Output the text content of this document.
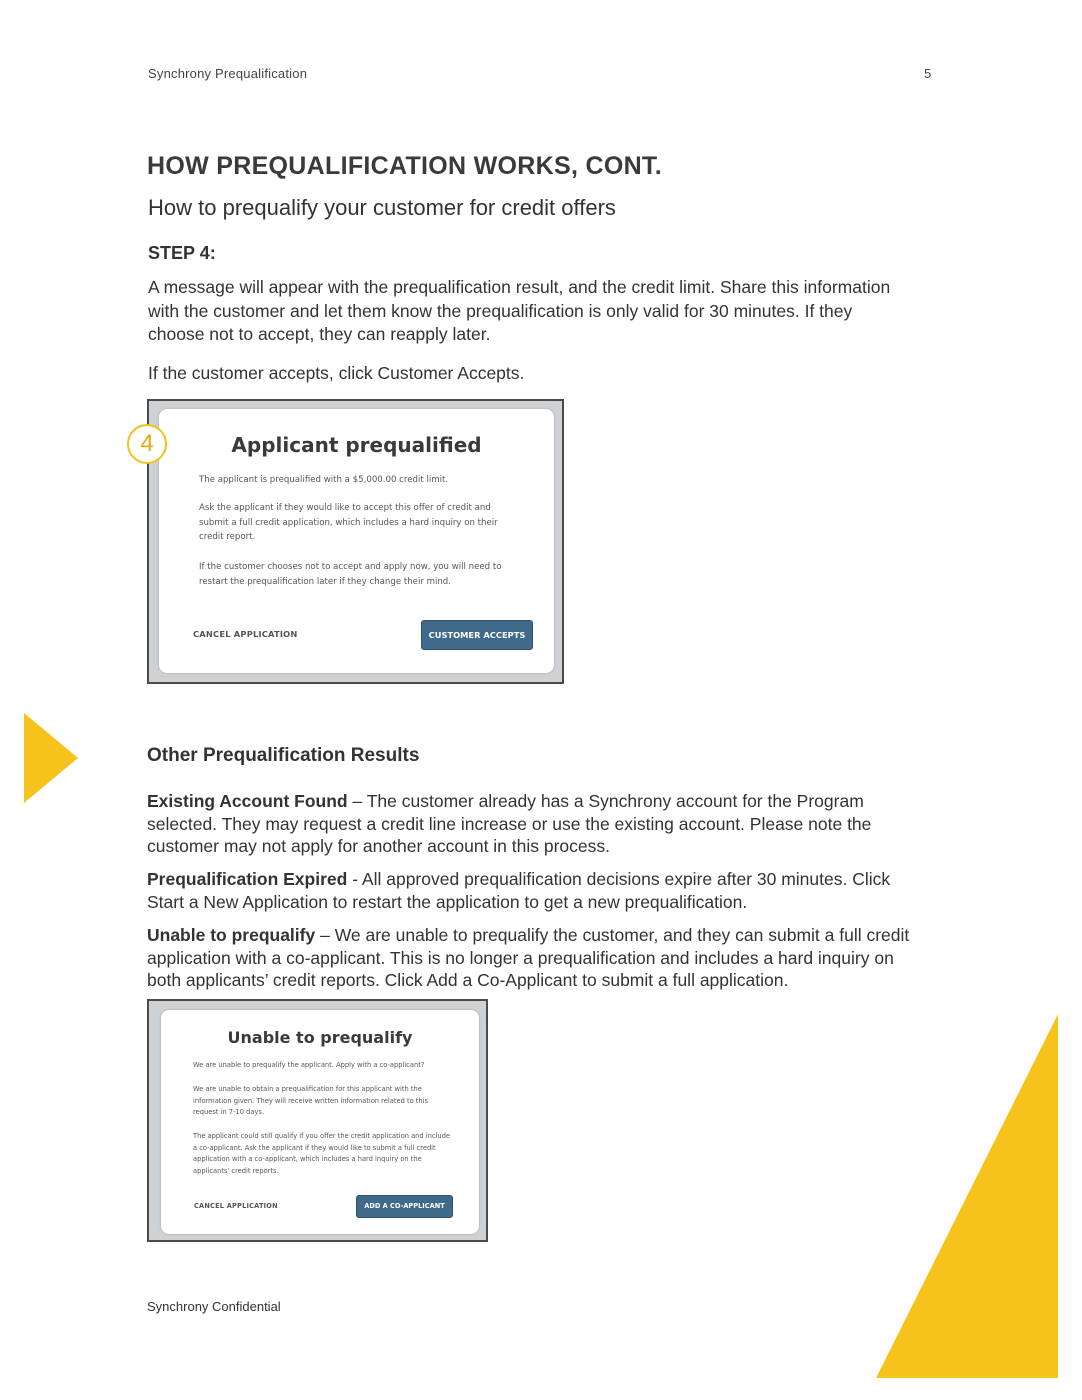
Synchrony Prequalification	5
HOW PREQUALIFICATION WORKS, CONT.
How to prequalify your customer for credit offers
STEP 4:

A message will appear with the prequalification result, and the credit limit. Share this information with the customer and let them know the prequalification is only valid for 30 minutes. If they choose not to accept, they can reapply later.

If the customer accepts, click Customer Accepts.

Applicant prequalified

The applicant is prequalified with a $5,000.00 credit limit.

Ask the applicant if they would like to accept this offer of credit and submit a full credit application, which includes a hard inquiry on their credit report.

If the customer chooses not to accept and apply now, you will need to restart the prequalification later if they change their mind.

CANCEL APPLICATION	CUSTOMER ACCEPTS
4
Other Prequalification Results

Existing Account Found – The customer already has a Synchrony account for the Program selected. They may request a credit line increase or use the existing account. Please note the customer may not apply for another account in this process.

Prequalification Expired - All approved prequalification decisions expire after 30 minutes. Click Start a New Application to restart the application to get a new prequalification.

Unable to prequalify – We are unable to prequalify the customer, and they can submit a full credit application with a co-applicant. This is no longer a prequalification and includes a hard inquiry on both applicants’ credit reports. Click Add a Co-Applicant to submit a full application.

Unable to prequalify

We are unable to prequalify the applicant. Apply with a co-applicant?

We are unable to obtain a prequalification for this applicant with the information given. They will receive written information related to this request in 7-10 days.

The applicant could still qualify if you offer the credit application and include a co-applicant. Ask the applicant if they would like to submit a full credit application with a co-applicant, which includes a hard inquiry on the applicants' credit reports.

CANCEL APPLICATION	ADD A CO-APPLICANT
Synchrony Confidential
